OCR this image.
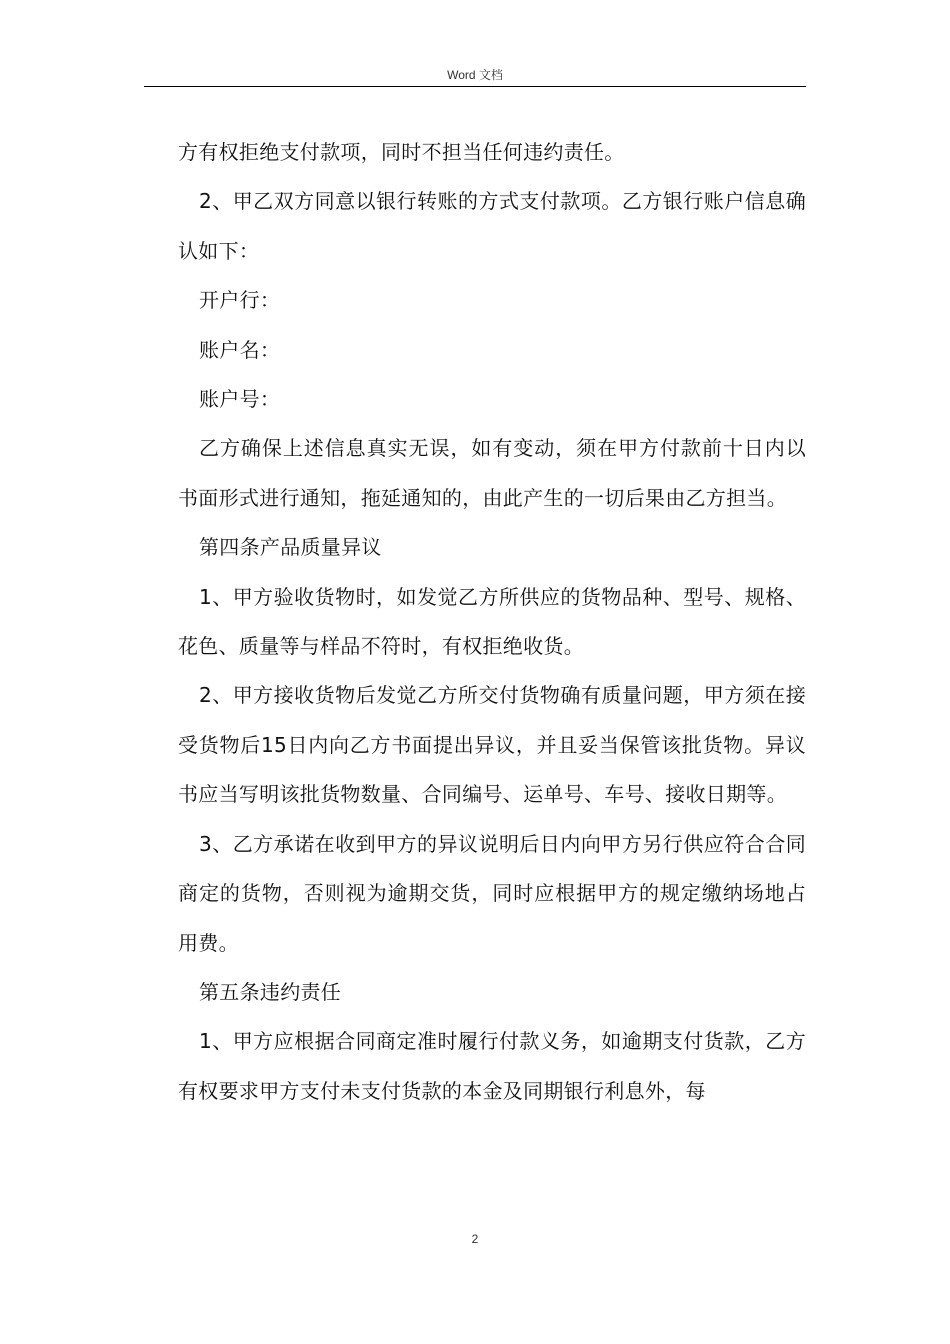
Word 文档

方有权拒绝支付款项，同时不担当任何违约责任。

2、甲乙双方同意以银行转账的方式支付款项。乙方银行账户信息确认如下：

开户行：

账户名：

账户号：

乙方确保上述信息真实无误，如有变动，须在甲方付款前十日内以书面形式进行通知，拖延通知的，由此产生的一切后果由乙方担当。

第四条产品质量异议

1、甲方验收货物时，如发觉乙方所供应的货物品种、型号、规格、花色、质量等与样品不符时，有权拒绝收货。

2、甲方接收货物后发觉乙方所交付货物确有质量问题，甲方须在接受货物后15日内向乙方书面提出异议，并且妥当保管该批货物。异议书应当写明该批货物数量、合同编号、运单号、车号、接收日期等。

3、乙方承诺在收到甲方的异议说明后日内向甲方另行供应符合合同商定的货物，否则视为逾期交货，同时应根据甲方的规定缴纳场地占用费。

第五条违约责任

1、甲方应根据合同商定准时履行付款义务，如逾期支付货款，乙方有权要求甲方支付未支付货款的本金及同期银行利息外，每

2
